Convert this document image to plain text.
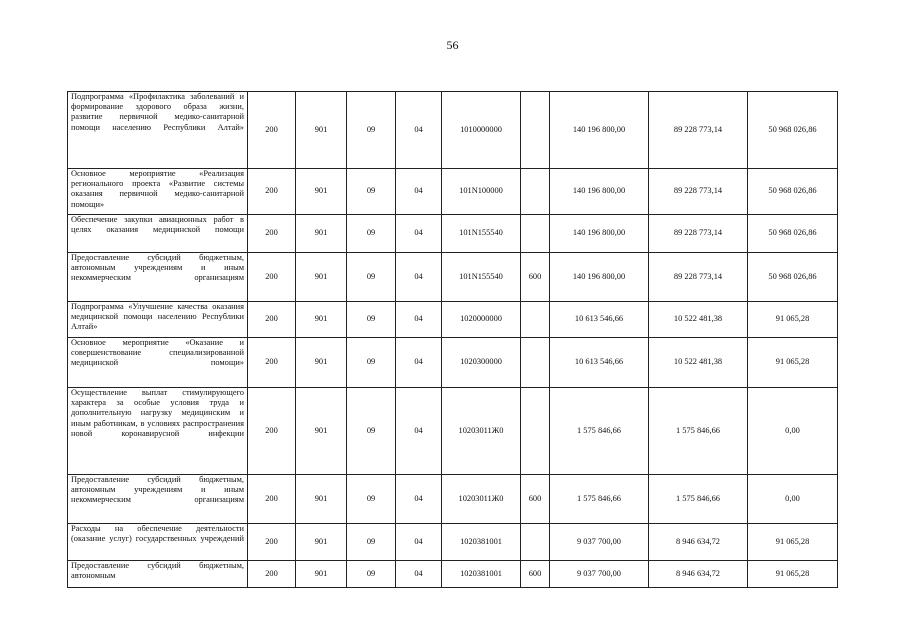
56
Подпрограмма «Профилактика заболеваний и формирование здорового образа жизни, развитие первичной медико-санитарной помощи населению Республики Алтай»	200	901	09	04	1010000000		140 196 800,00	89 228 773,14	50 968 026,86
Основное мероприятие «Реализация регионального проекта «Развитие системы оказания первичной медико-санитарной помощи»	200	901	09	04	101N100000		140 196 800,00	89 228 773,14	50 968 026,86
Обеспечение закупки авиационных работ в целях оказания медицинской помощи	200	901	09	04	101N155540		140 196 800,00	89 228 773,14	50 968 026,86
Предоставление субсидий бюджетным, автономным учреждениям и иным некоммерческим организациям	200	901	09	04	101N155540	600	140 196 800,00	89 228 773,14	50 968 026,86
Подпрограмма «Улучшение качества оказания медицинской помощи населению Республики Алтай»	200	901	09	04	1020000000		10 613 546,66	10 522 481,38	91 065,28
Основное мероприятие «Оказание и совершенствование специализированной медицинской помощи»	200	901	09	04	1020300000		10 613 546,66	10 522 481,38	91 065,28
Осуществление выплат стимулирующего характера за особые условия труда и дополнительную нагрузку медицинским и иным работникам, в условиях распространения новой коронавирусной инфекции	200	901	09	04	10203011Ж0		1 575 846,66	1 575 846,66	0,00
Предоставление субсидий бюджетным, автономным учреждениям и иным некоммерческим организациям	200	901	09	04	10203011Ж0	600	1 575 846,66	1 575 846,66	0,00
Расходы на обеспечение деятельности (оказание услуг) государственных учреждений	200	901	09	04	1020381001		9 037 700,00	8 946 634,72	91 065,28
Предоставление субсидий бюджетным, автономным	200	901	09	04	1020381001	600	9 037 700,00	8 946 634,72	91 065,28
